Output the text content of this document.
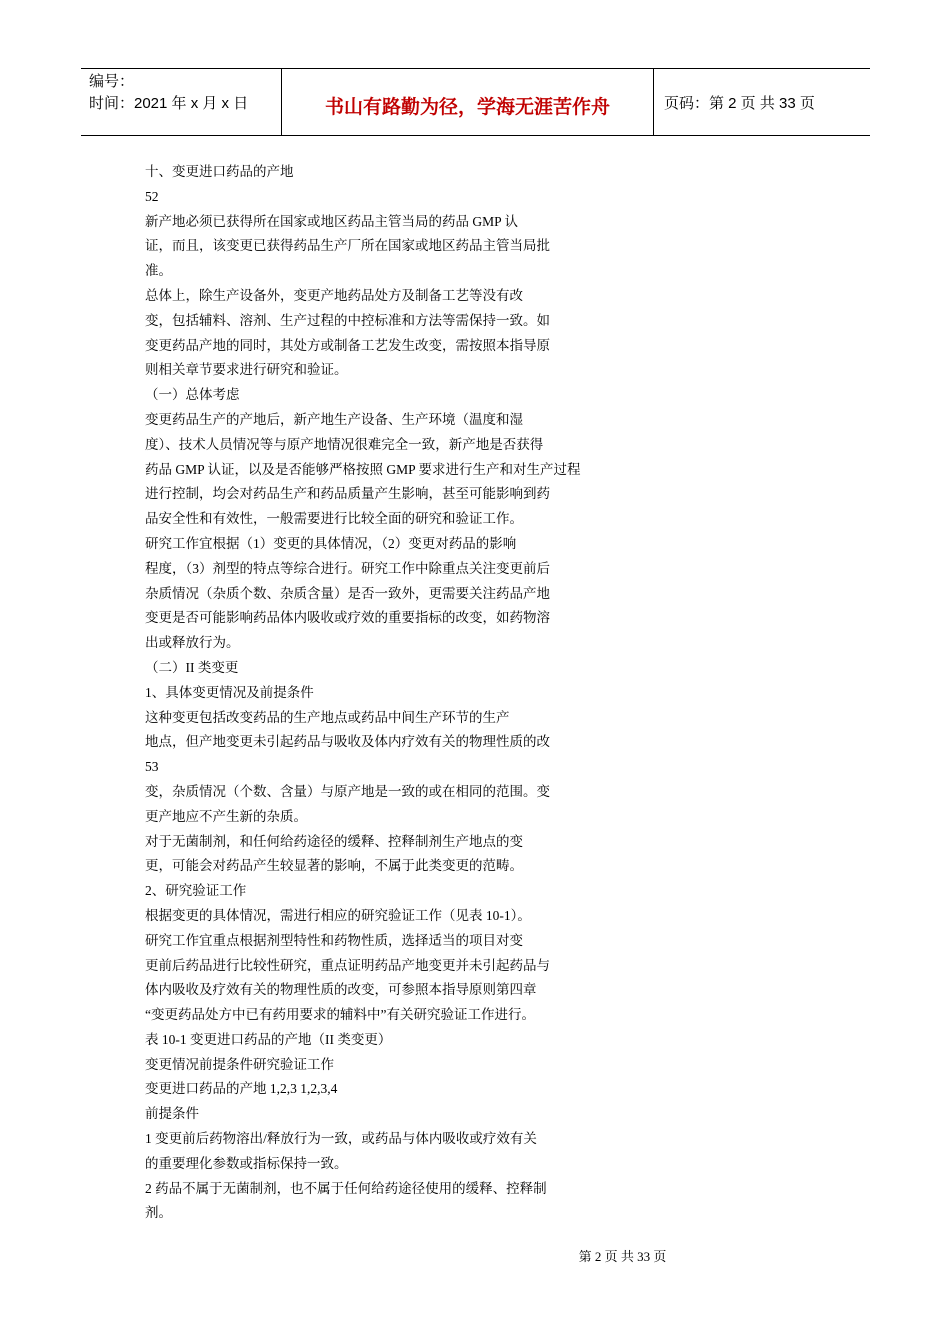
编号：
时间：2021 年 x 月 x 日	书山有路勤为径，学海无涯苦作舟	页码：第 2 页 共 33 页
十、变更进口药品的产地
52
新产地必须已获得所在国家或地区药品主管当局的药品 GMP 认
证，而且，该变更已获得药品生产厂所在国家或地区药品主管当局批
准。
总体上，除生产设备外，变更产地药品处方及制备工艺等没有改
变，包括辅料、溶剂、生产过程的中控标准和方法等需保持一致。如
变更药品产地的同时，其处方或制备工艺发生改变，需按照本指导原
则相关章节要求进行研究和验证。
（一）总体考虑
变更药品生产的产地后，新产地生产设备、生产环境（温度和湿
度）、技术人员情况等与原产地情况很难完全一致，新产地是否获得
药品 GMP 认证，以及是否能够严格按照 GMP 要求进行生产和对生产过程
进行控制，均会对药品生产和药品质量产生影响，甚至可能影响到药
品安全性和有效性，一般需要进行比较全面的研究和验证工作。
研究工作宜根据（1）变更的具体情况，（2）变更对药品的影响
程度，（3）剂型的特点等综合进行。研究工作中除重点关注变更前后
杂质情况（杂质个数、杂质含量）是否一致外，更需要关注药品产地
变更是否可能影响药品体内吸收或疗效的重要指标的改变，如药物溶
出或释放行为。
（二）II 类变更
1、具体变更情况及前提条件
这种变更包括改变药品的生产地点或药品中间生产环节的生产
地点，但产地变更未引起药品与吸收及体内疗效有关的物理性质的改
53
变，杂质情况（个数、含量）与原产地是一致的或在相同的范围。变
更产地应不产生新的杂质。
对于无菌制剂，和任何给药途径的缓释、控释制剂生产地点的变
更，可能会对药品产生较显著的影响，不属于此类变更的范畴。
2、研究验证工作
根据变更的具体情况，需进行相应的研究验证工作（见表 10-1）。
研究工作宜重点根据剂型特性和药物性质，选择适当的项目对变
更前后药品进行比较性研究，重点证明药品产地变更并未引起药品与
体内吸收及疗效有关的物理性质的改变，可参照本指导原则第四章
“变更药品处方中已有药用要求的辅料中”有关研究验证工作进行。
表 10-1 变更进口药品的产地（II 类变更）
变更情况前提条件研究验证工作
变更进口药品的产地 1,2,3 1,2,3,4
前提条件
1 变更前后药物溶出/释放行为一致，或药品与体内吸收或疗效有关
的重要理化参数或指标保持一致。
2 药品不属于无菌制剂，也不属于任何给药途径使用的缓释、控释制
剂。
第 2 页 共 33 页
